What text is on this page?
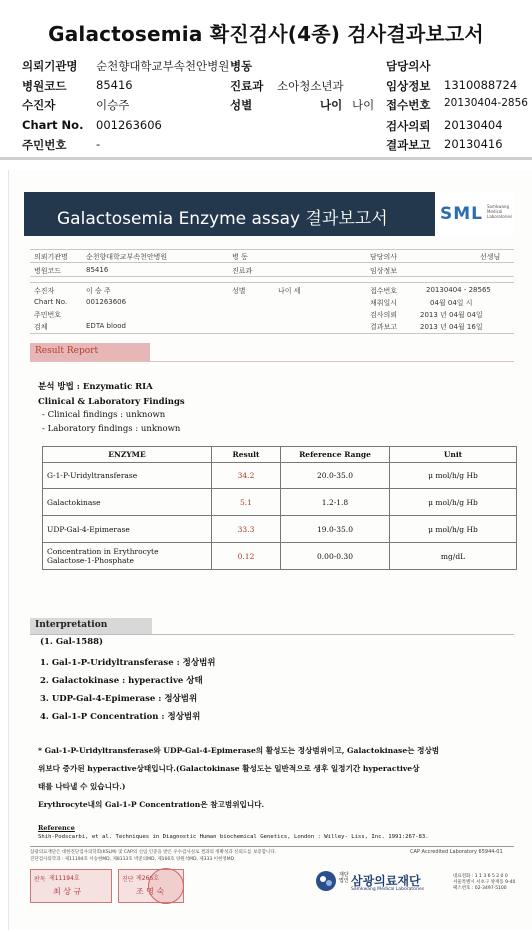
Galactosemia 확진검사(4종) 검사결과보고서
의뢰기관명 순천향대학교부속천안병원 병동	담당의사
병원코드	85416	진료과 소아청소년과	임상정보 1310088724
수진자	이승주	성별	나이 나이 접수번호 20130404-2856
Chart No. 001263606	검사의뢰 20130404
주민번호	-	결과보고 20130416
Galactosemia Enzyme assay 결과보고서	SML Samkwang Medical Laboratories
의뢰기관명	순천향대학교부속천안병원	병 동	담당의사	선생님
병원코드	85416	진료과	임상정보
수진자	이 승 주	성별	나이 세	접수번호	20130404 - 28565
Chart No.	001263606	채취일시	04월 04일 시
주민번호	검사의뢰	2013 년 04월 04일
검체	EDTA blood	결과보고	2013 년 04월 16일
Result Report
분석 방법 : Enzymatic RIA
Clinical & Laboratory Findings
- Clinical findings : unknown
- Laboratory findings : unknown
ENZYME	Result	Reference Range	Unit
G-1-P-Uridyltransferase	34.2	20.0-35.0	μ mol/h/g Hb
Galactokinase	5.1	1.2-1.8	μ mol/h/g Hb
UDP-Gal-4-Epimerase	33.3	19.0-35.0	μ mol/h/g Hb
Concentration in Erythrocyte
Galactose-1-Phosphate	0.12	0.00-0.30	mg/dL
Interpretation
(1. Gal-1588)
1. Gal-1-P-Uridyltransferase : 정상범위
2. Galactokinase : hyperactive 상태
3. UDP-Gal-4-Epimerase : 정상범위
4. Gal-1-P Concentration : 정상범위
* Gal-1-P-Uridyltransferase와 UDP-Gal-4-Epimerase의 활성도는 정상범위이고, Galactokinase는 정상범
위보다 증가된 hyperactive상태입니다.(Galactokinase 활성도는 일반적으로 생후 일정기간 hyperactive상
태를 나타낼 수 있습니다.)
Erythrocyte내의 Gal-1-P Concentration은 참고범위입니다.
Reference
Shih-Podscarbi, et al. Techniques in Diagnostic Human biochemical Genetics, London : Willey- Liss, Inc. 1991:267-83.
삼광의료재단은 대한진단검사의학회(KSLM) 및 CAP의 신임 인증을 받은 우수검사실로 결과의 정확성과 신뢰도를 보증합니다.
진단검사의학과 : 제11194호 서승현MD, 제8113호 박준의MD, 제166호 양원석MD, 제333 이현영MD
CAP Accredited Laboratory 65944-01
판독 제11194호
최 상 규
진단 제266호
조 명 숙
재단법인 삼광의료재단
Samkwang Medical Laboratories
대표전화 : 1 1 3 6 5 2 0 0
서울특별시 서초구 양재동 9-40
팩스번호 : 02-3497-5100
